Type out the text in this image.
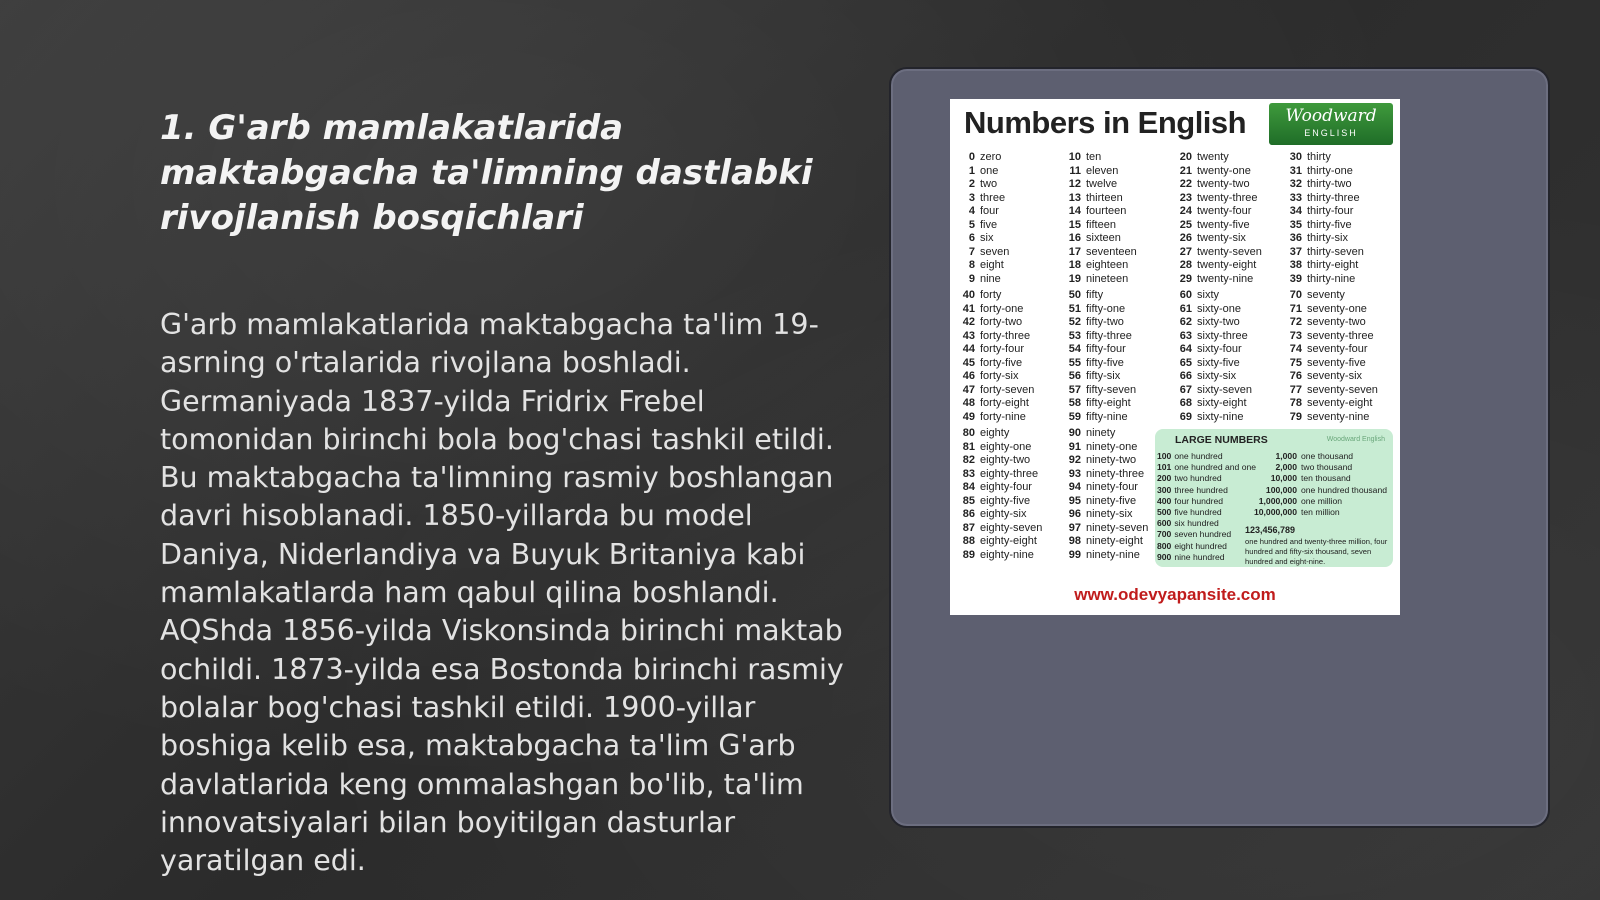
1. G'arb mamlakatlarida maktabgacha ta'limning dastlabki rivojlanish bosqichlari

G'arb mamlakatlarida maktabgacha ta'lim 19-asrning o'rtalarida rivojlana boshladi. Germaniyada 1837-yilda Fridrix Frebel tomonidan birinchi bola bog'chasi tashkil etildi. Bu maktabgacha ta'limning rasmiy boshlangan davri hisoblanadi. 1850-yillarda bu model Daniya, Niderlandiya va Buyuk Britaniya kabi mamlakatlarda ham qabul qilina boshlandi. AQShda 1856-yilda Viskonsinda birinchi maktab ochildi. 1873-yilda esa Bostonda birinchi rasmiy bolalar bog'chasi tashkil etildi. 1900-yillar boshiga kelib esa, maktabgacha ta'lim G'arb davlatlarida keng ommalashgan bo'lib, ta'lim innovatsiyalari bilan boyitilgan dasturlar yaratilgan edi.

Numbers in English	Woodward
ENGLISH
0 zero
1 one
2 two
3 three
4 four
5 five
6 six
7 seven
8 eight
9 nine
40 forty
41 forty-one
42 forty-two
43 forty-three
44 forty-four
45 forty-five
46 forty-six
47 forty-seven
48 forty-eight
49 forty-nine
80 eighty
81 eighty-one
82 eighty-two
83 eighty-three
84 eighty-four
85 eighty-five
86 eighty-six
87 eighty-seven
88 eighty-eight
89 eighty-nine
10 ten
11 eleven
12 twelve
13 thirteen
14 fourteen
15 fifteen
16 sixteen
17 seventeen
18 eighteen
19 nineteen
50 fifty
51 fifty-one
52 fifty-two
53 fifty-three
54 fifty-four
55 fifty-five
56 fifty-six
57 fifty-seven
58 fifty-eight
59 fifty-nine
90 ninety
91 ninety-one
92 ninety-two
93 ninety-three
94 ninety-four
95 ninety-five
96 ninety-six
97 ninety-seven
98 ninety-eight
99 ninety-nine
20 twenty
21 twenty-one
22 twenty-two
23 twenty-three
24 twenty-four
25 twenty-five
26 twenty-six
27 twenty-seven
28 twenty-eight
29 twenty-nine
60 sixty
61 sixty-one
62 sixty-two
63 sixty-three
64 sixty-four
65 sixty-five
66 sixty-six
67 sixty-seven
68 sixty-eight
69 sixty-nine
30 thirty
31 thirty-one
32 thirty-two
33 thirty-three
34 thirty-four
35 thirty-five
36 thirty-six
37 thirty-seven
38 thirty-eight
39 thirty-nine
70 seventy
71 seventy-one
72 seventy-two
73 seventy-three
74 seventy-four
75 seventy-five
76 seventy-six
77 seventy-seven
78 seventy-eight
79 seventy-nine
LARGE NUMBERS	Woodward English
100 one hundred
101 one hundred and one
200 two hundred
300 three hundred
400 four hundred
500 five hundred
600 six hundred
700 seven hundred
800 eight hundred
900 nine hundred
1,000 one thousand
2,000 two thousand
10,000 ten thousand
100,000 one hundred thousand
1,000,000 one million
10,000,000 ten million
123,456,789
one hundred and twenty-three million, four hundred and fifty-six thousand, seven hundred and eight-nine.
www.odevyapansite.com
